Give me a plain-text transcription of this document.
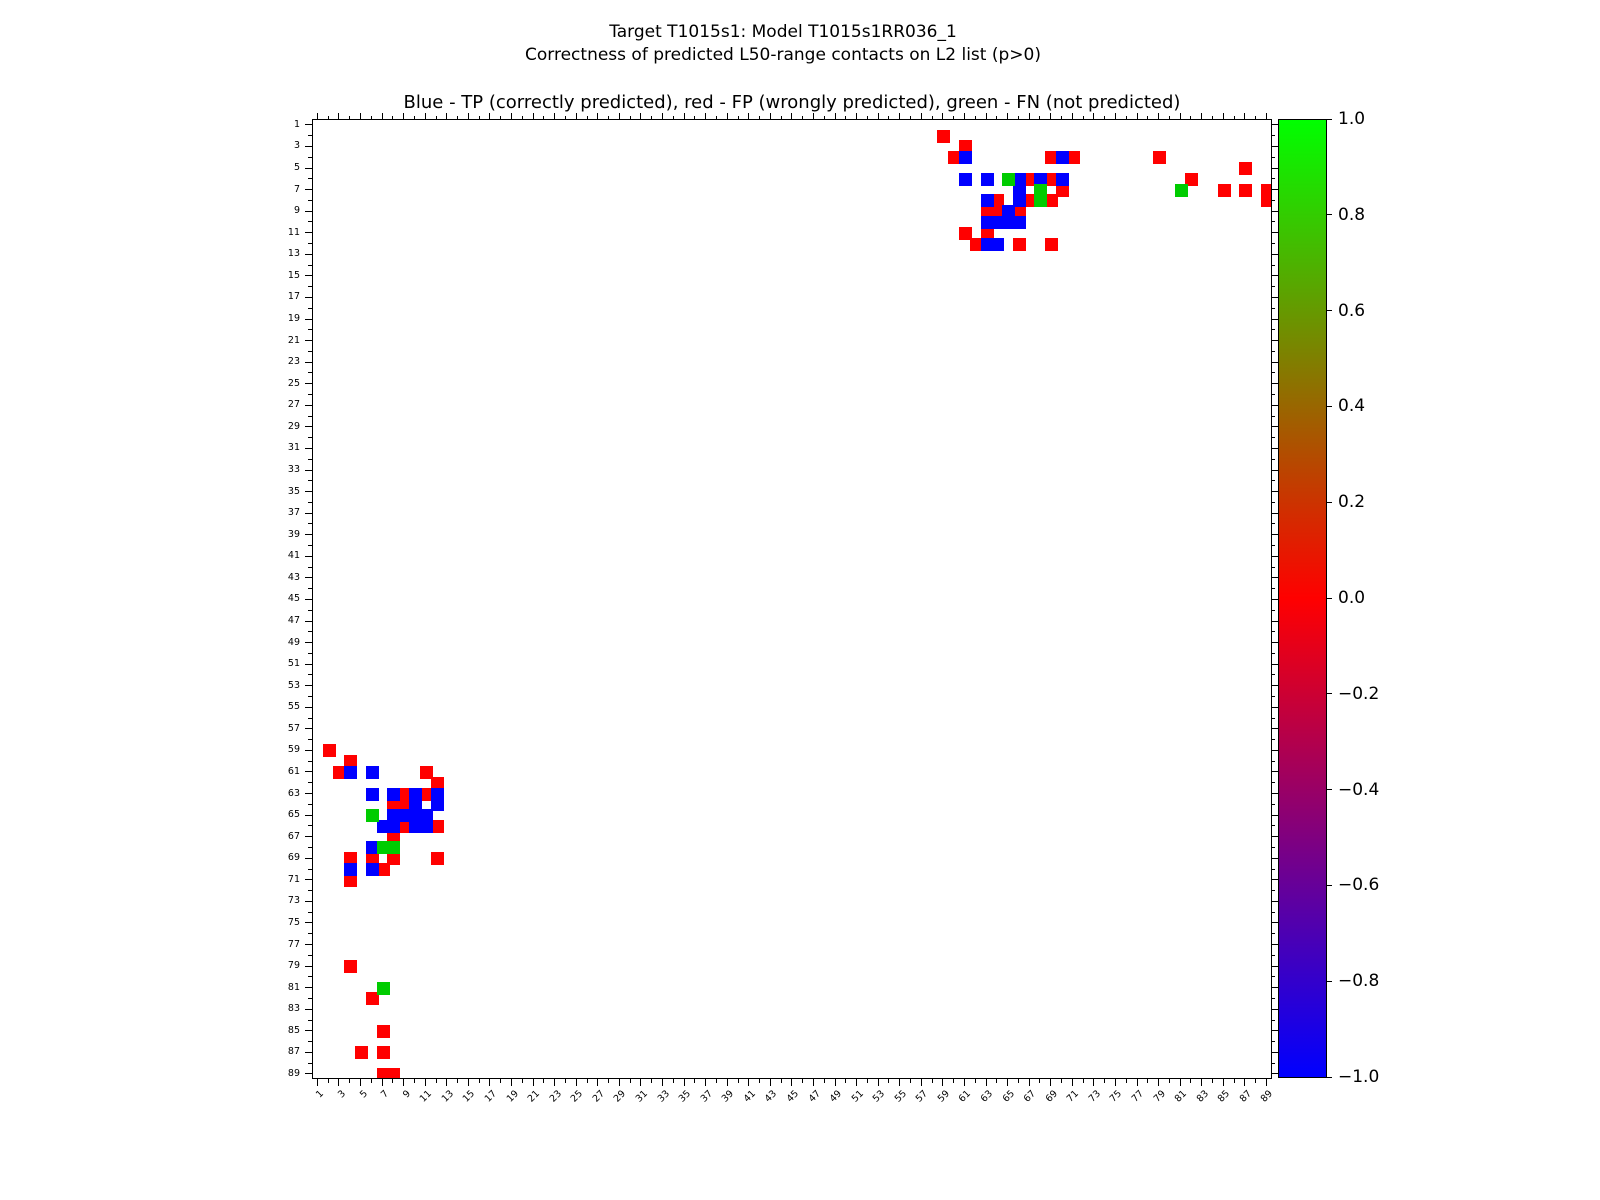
Target T1015s1: Model T1015s1RR036_1
Correctness of predicted L50-range contacts on L2 list (p>0)
Blue - TP (correctly predicted), red - FP (wrongly predicted), green - FN (not predicted)
1
3
5
7
9
11
13
15
17
19
21
23
25
27
29
31
33
35
37
39
41
43
45
47
49
51
53
55
57
59
61
63
65
67
69
71
73
75
77
79
81
83
85
87
89
1	3	5	7	9 11 13 15 17 19 21 23 25 27 29 31 33 35 37 39 41 43 45 47 49 51 53 55 57 59 61 63 65 67 69 71 73 75 77 79 81 83 85 87 89
1.0
0.8
0.6
0.4
0.2
0.0
−0.2
−0.4
−0.6
−0.8
−1.0
